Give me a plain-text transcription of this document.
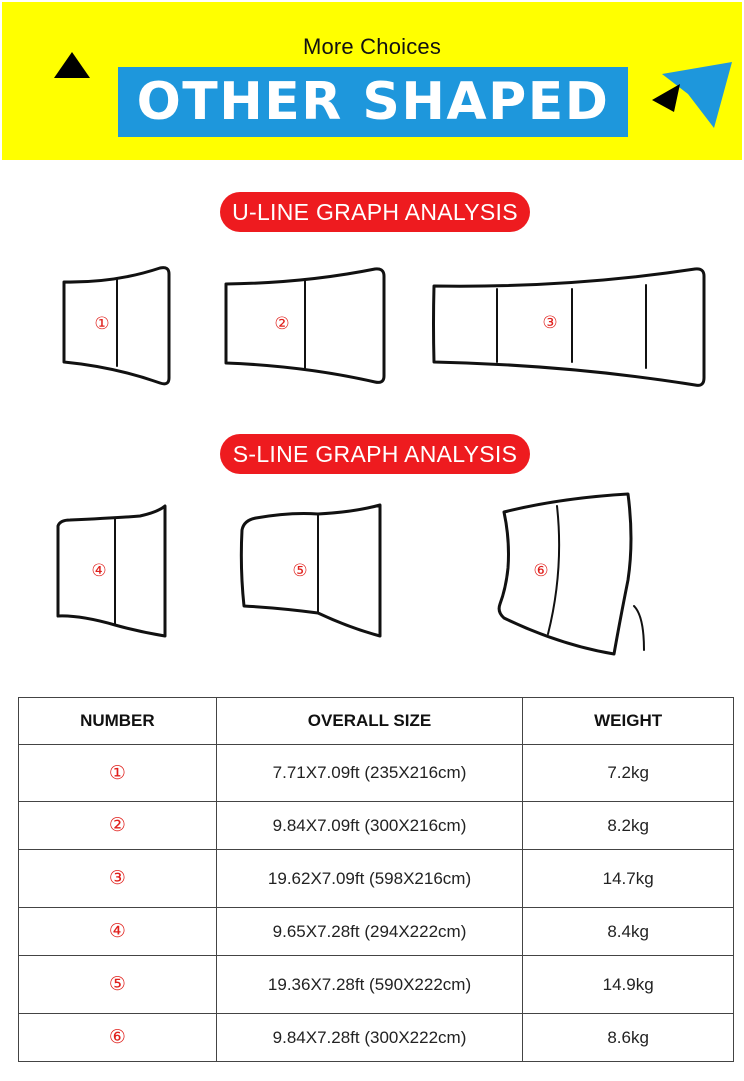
More Choices
OTHER SHAPED
U-LINE GRAPH ANALYSIS
S-LINE GRAPH ANALYSIS
①	②	③
④	⑤	⑥
NUMBER	OVERALL SIZE	WEIGHT
①	7.71X7.09ft (235X216cm)	7.2kg
②	9.84X7.09ft (300X216cm)	8.2kg
③	19.62X7.09ft (598X216cm)	14.7kg
④	9.65X7.28ft (294X222cm)	8.4kg
⑤	19.36X7.28ft (590X222cm)	14.9kg
⑥	9.84X7.28ft (300X222cm)	8.6kg
